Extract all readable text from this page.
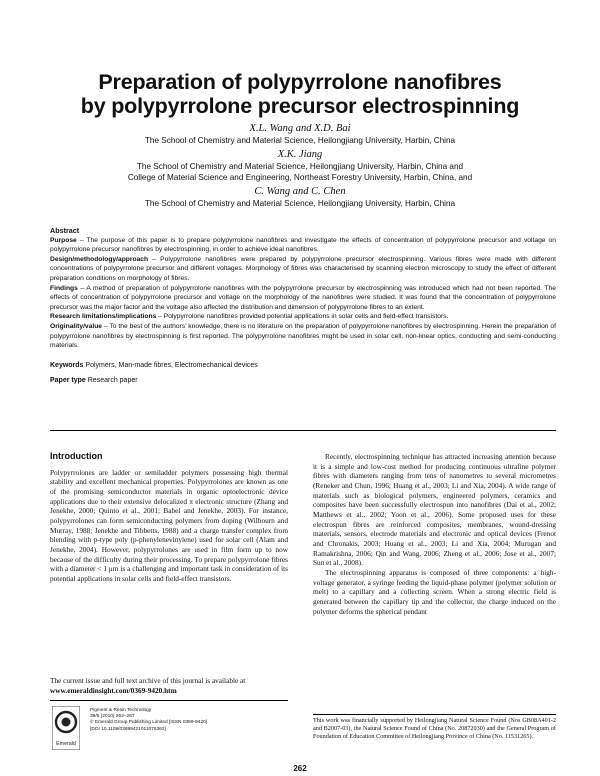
Preparation of polypyrrolone nanofibres
by polypyrrolone precursor electrospinning
X.L. Wang and X.D. Bai
The School of Chemistry and Material Science, Heilongjiang University, Harbin, China
X.K. Jiang
The School of Chemistry and Material Science, Heilongjiang University, Harbin, China and
College of Material Science and Engineering, Northeast Forestry University, Harbin, China, and
C. Wang and C. Chen
The School of Chemistry and Material Science, Heilongjiang University, Harbin, China
Abstract

Purpose – The purpose of this paper is to prepare polypyrrolone nanofibres and investigate the effects of concentration of polypyrrolone precursor and voltage on polypyrrolone precursor nanofibres by electrospinning, in order to achieve ideal nanofibres.

Design/methodology/approach – Polypyrrolone nanofibres were prepared by polypyrrolone precursor electrospinning. Various fibres were made with different concentrations of polypyrrolone precursor and different voltages. Morphology of fibres was characterised by scanning electron microscopy to study the effect of different preparation conditions on morphology of fibres.

Findings – A method of preparation of polypyrrolone nanofibres with the polypyrrolone precursor by electrospinning was introduced which had not been reported. The effects of concentration of polypyrrolone precursor and voltage on the morphology of the nanofibres were studied. It was found that the concentration of polypyrrolone precursor was the major factor and the voltage also affected the distribution and dimension of polypyrrolone fibres to an extent.

Research limitations/implications – Polypyrrolone nanofibres provided potential applications in solar cells and field-effect transistors.

Originality/value – To the best of the authors’ knowledge, there is no literature on the preparation of polypyrrolone nanofibres by electrospinning. Herein the preparation of polypyrrolone nanofibres by electrospinning is first reported. The polypyrrolone nanofibres might be used in solar cell, non-linear optics, conducting and semi-conducting materials.

Keywords Polymers, Man-made fibres, Electromechanical devices
Paper type Research paper
Introduction

Polypyrrolones are ladder or semiladder polymers possessing high thermal stability and excellent mechanical properties. Polypyrrolones are known as one of the promising semiconductor materials in organic optoelectronic device applications due to their extensive delocalized π electronic structure (Zhang and Jenekhe, 2000; Quinto et al., 2001; Babel and Jenekhe, 2003). For instance, polypyrrolones can form semiconducting polymers from doping (Wilbourn and Murray, 1988; Jenekhe and Tibbetts, 1988) and a charge transfer complex from blending with p-type poly (p-phenylenevinylene) used for solar cell (Alam and Jenekhe, 2004). However, polypyrrolones are used in film form up to now because of the difficulty during their processing. To prepare polypyrrolone fibres with a diameter < 1 μm is a challenging and important task in consideration of its potential applications in solar cells and field-effect transistors.

The current issue and full text archive of this journal is available at
www.emeraldinsight.com/0369-9420.htm
Emerald
Pigment & Resin Technology
39/5 (2010) 262–267
© Emerald Group Publishing Limited [ISSN 0369-9420]
[DOI 10.1108/03699421011076362]

Recently, electrospinning technique has attracted increasing attention because it is a simple and low-cost method for producing continuous ultrafine polymer fibres with diameters ranging from tens of nanometres to several micrometres (Reneker and Chun, 1996; Huang et al., 2003; Li and Xia, 2004). A wide range of materials such as biological polymers, engineered polymers, ceramics and composites have been successfully electrospun into nanofibres (Dai et al., 2002; Matthews et al., 2002; Yoon et al., 2006). Some proposed uses for these electrospun fibres are reinforced composites, membranes, wound-dressing materials, sensors, electrode materials and electronic and optical devices (Frenot and Chronakis, 2003; Huang et al., 2003; Li and Xia, 2004; Murugan and Ramakrishna, 2006; Qin and Wang, 2006; Zheng et al., 2006; Jose et al., 2007; Sun et al., 2008).

The electrospinning apparatus is composed of three components: a high-voltage generator, a syringe feeding the liquid-phase polymer (polymer solution or melt) to a capillary and a collecting screen. When a strong electric field is generated between the capillary tip and the collector, the charge induced on the polymer deforms the spherical pendant

This work was financially supported by Heilongjiang Natural Science Found (Nos GB08A401-2 and B2007-03), the Natural Science Found of China (No. 20872030) and the General Program of Foundation of Education Committee of Heilongjiang Province of China (No. 11531265).
262
